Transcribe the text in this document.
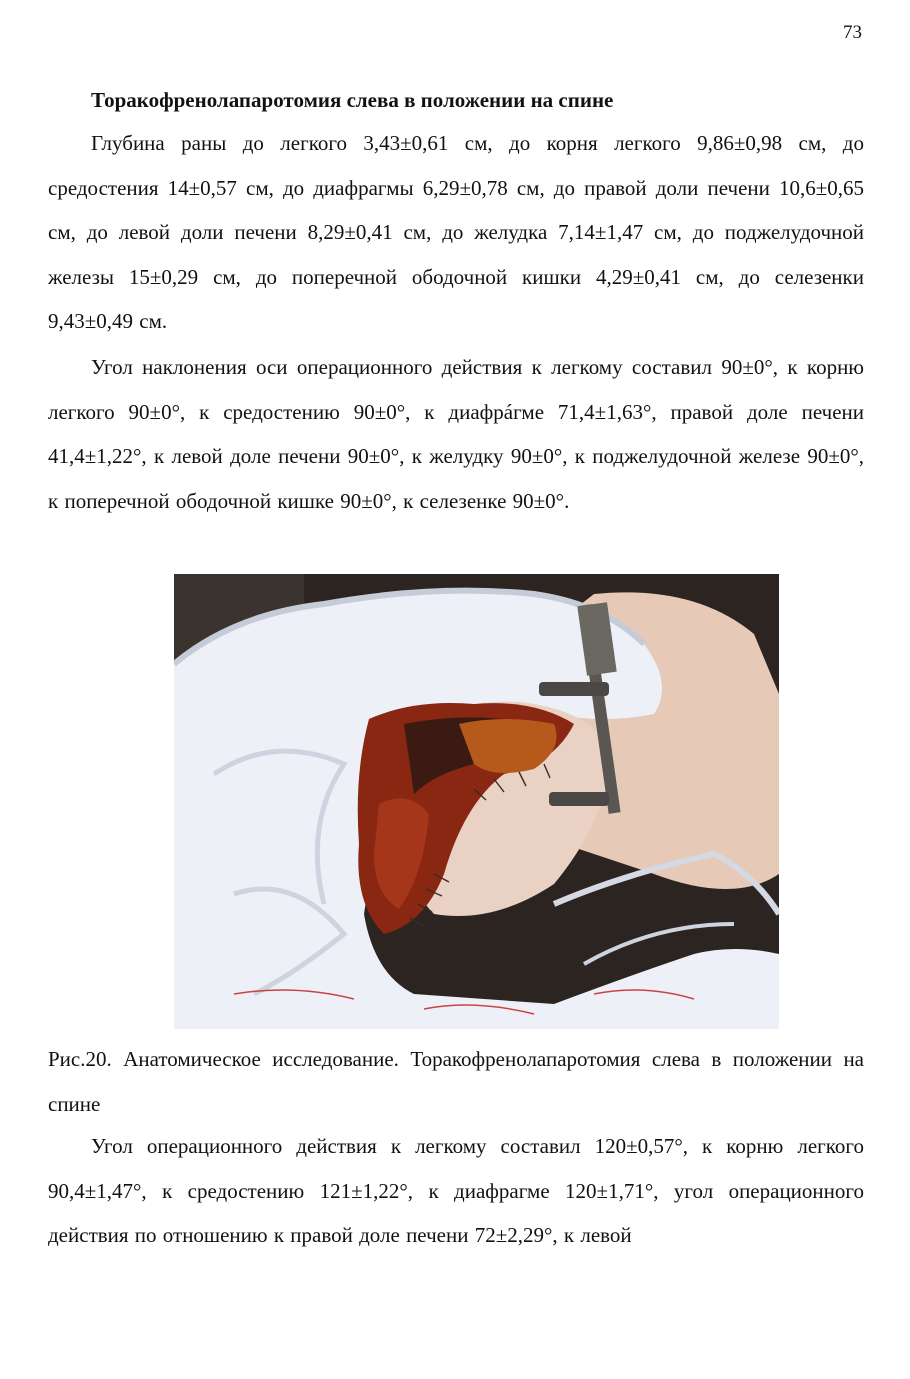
73
Торакофренолапаротомия слева в положении на спине

Глубина раны до легкого 3,43±0,61 см, до корня легкого 9,86±0,98 см, до средостения 14±0,57 см, до диафрагмы 6,29±0,78 см, до правой доли печени 10,6±0,65 см, до левой доли печени 8,29±0,41 см, до желудка 7,14±1,47 см, до поджелудочной железы 15±0,29 см, до поперечной ободочной кишки 4,29±0,41 см, до селезенки 9,43±0,49 см.

Угол наклонения оси операционного действия к легкому составил 90±0°, к корню легкого 90±0°, к средостению 90±0°, к диафрáгме 71,4±1,63°, правой доле печени 41,4±1,22°, к левой доле печени 90±0°, к желудку 90±0°, к поджелудочной железе 90±0°, к поперечной ободочной кишке 90±0°, к селезенке 90±0°.

Рис.20. Анатомическое исследование. Торакофренолапаротомия слева в положении на спине

Угол операционного действия к легкому составил 120±0,57°, к корню легкого 90,4±1,47°, к средостению 121±1,22°, к диафрагме 120±1,71°, угол операционного действия по отношению к правой доле печени 72±2,29°, к левой
